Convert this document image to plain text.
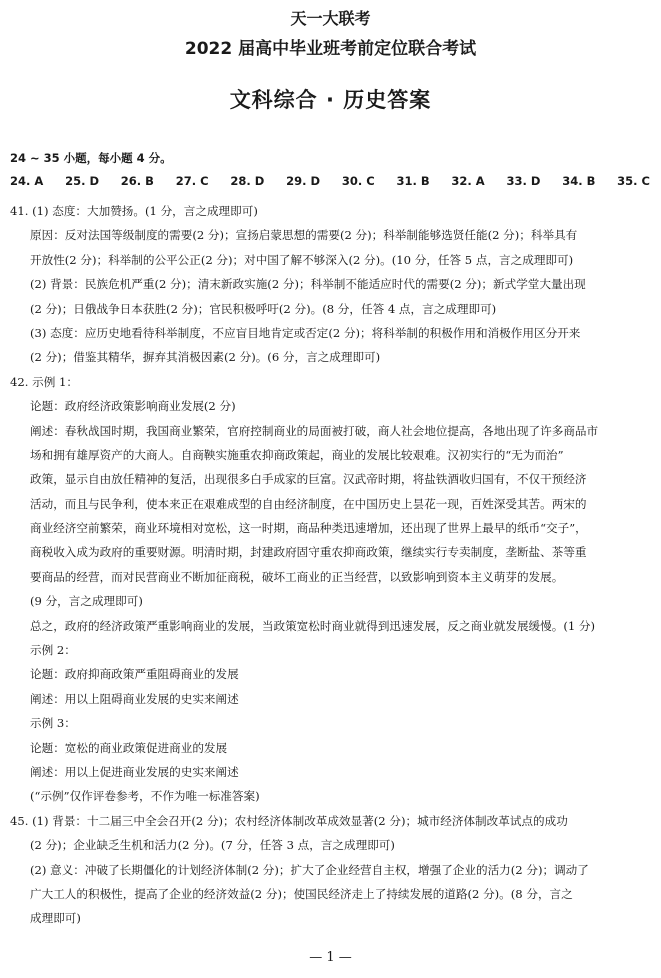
天一大联考
2022 届高中毕业班考前定位联合考试
文科综合 · 历史答案
24 ~ 35 小题，每小题 4 分。
24. A 25. D 26. B 27. C 28. D 29. D 30. C 31. B 32. A 33. D 34. B 35. C
41. (1) 态度：大加赞扬。(1 分，言之成理即可)
原因：反对法国等级制度的需要(2 分)；宣扬启蒙思想的需要(2 分)；科举制能够选贤任能(2 分)；科举具有
开放性(2 分)；科举制的公平公正(2 分)；对中国了解不够深入(2 分)。(10 分，任答 5 点，言之成理即可)
(2) 背景：民族危机严重(2 分)；清末新政实施(2 分)；科举制不能适应时代的需要(2 分)；新式学堂大量出现
(2 分)；日俄战争日本获胜(2 分)；官民积极呼吁(2 分)。(8 分，任答 4 点，言之成理即可)
(3) 态度：应历史地看待科举制度，不应盲目地肯定或否定(2 分)；将科举制的积极作用和消极作用区分开来
(2 分)；借鉴其精华，摒弃其消极因素(2 分)。(6 分，言之成理即可)
42. 示例 1：
论题：政府经济政策影响商业发展(2 分)
阐述：春秋战国时期，我国商业繁荣，官府控制商业的局面被打破，商人社会地位提高，各地出现了许多商品市
场和拥有雄厚资产的大商人。自商鞅实施重农抑商政策起，商业的发展比较艰难。汉初实行的“无为而治”
政策，显示自由放任精神的复活，出现很多白手成家的巨富。汉武帝时期，将盐铁酒收归国有，不仅干预经济
活动，而且与民争利，使本来正在艰难成型的自由经济制度，在中国历史上昙花一现，百姓深受其苦。两宋的
商业经济空前繁荣，商业环境相对宽松，这一时期，商品种类迅速增加，还出现了世界上最早的纸币“交子”，
商税收入成为政府的重要财源。明清时期，封建政府固守重农抑商政策，继续实行专卖制度，垄断盐、茶等重
要商品的经营，而对民营商业不断加征商税，破坏工商业的正当经营，以致影响到资本主义萌芽的发展。
(9 分，言之成理即可)
总之，政府的经济政策严重影响商业的发展，当政策宽松时商业就得到迅速发展，反之商业就发展缓慢。(1 分)
示例 2：
论题：政府抑商政策严重阻碍商业的发展
阐述：用以上阻碍商业发展的史实来阐述
示例 3：
论题：宽松的商业政策促进商业的发展
阐述：用以上促进商业发展的史实来阐述
(“示例”仅作评卷参考，不作为唯一标准答案)
45. (1) 背景：十二届三中全会召开(2 分)；农村经济体制改革成效显著(2 分)；城市经济体制改革试点的成功
(2 分)；企业缺乏生机和活力(2 分)。(7 分，任答 3 点，言之成理即可)
(2) 意义：冲破了长期僵化的计划经济体制(2 分)；扩大了企业经营自主权，增强了企业的活力(2 分)；调动了
广大工人的积极性，提高了企业的经济效益(2 分)；使国民经济走上了持续发展的道路(2 分)。(8 分，言之
成理即可)
— 1 —
